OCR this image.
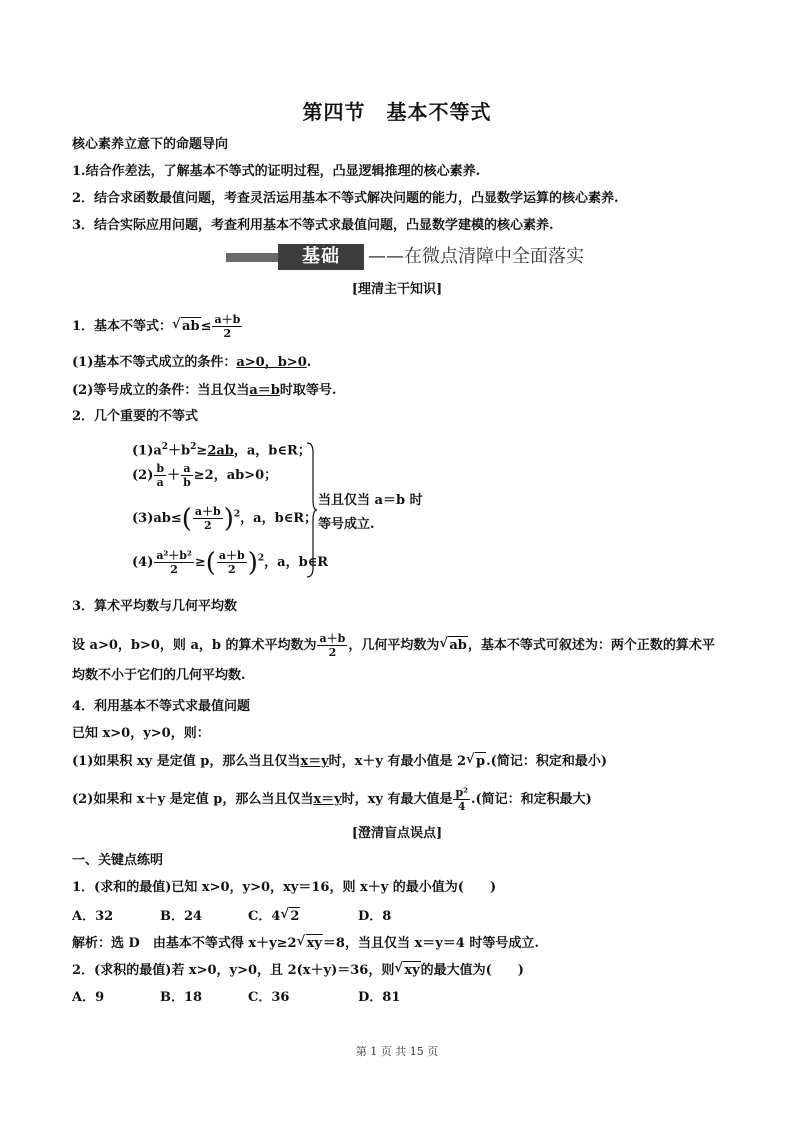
第四节　基本不等式
核心素养立意下的命题导向
1.结合作差法，了解基本不等式的证明过程，凸显逻辑推理的核心素养.
2．结合求函数最值问题，考查灵活运用基本不等式解决问题的能力，凸显数学运算的核心素养.
3．结合实际应用问题，考查利用基本不等式求最值问题，凸显数学建模的核心素养.
基础	——在微点清障中全面落实
[理清主干知识]
1．基本不等式： √ $ab\le \frac{a+b}{2}$
(1)基本不等式成立的条件：a>0，b>0.
(2)等号成立的条件：当且仅当a＝b时取等号.
2．几个重要的不等式
$(1)a^2+b^2\ge 2ab$，a，b∈R；
$(2) \frac{b}{a} + \frac{a}{b} \ge 2$，ab>0；
$(3)ab\le( \frac{a+b}{2} )^2$，a，b∈R；
$(4) \frac{\text{a²＋b²}}{2}$ ≥( $\frac{a+b}{2} )^2$，a，b∈R
当且仅当 a＝b 时
等号成立.
3．算术平均数与几何平均数
设 a>0，b>0，则 a，b 的算术平均数为 $\frac{a+b}{2}$ ，几何平均数为 √ ab，基本不等式可叙述为：两个正数的算术平
均数不小于它们的几何平均数.
4．利用基本不等式求最值问题
已知 x>0，y>0，则：
(1)如果积 xy 是定值 p，那么当且仅当x＝y时，x＋y 有最小值是 2 √ p.(简记：积定和最小)
(2)如果和 x＋y 是定值 p，那么当且仅当x＝y时，xy 有最大值是 $\frac{\text{p²}}{4}$ .(简记：和定积最大)
[澄清盲点误点]
一、关键点练明
1．(求和的最值)已知 x>0，y>0，xy＝16，则 x＋y 的最小值为(　　)
A．32	B．24	C．4 √ 2	D．8
解析：选 D　由基本不等式得 x＋y≥2 √ xy＝8，当且仅当 x＝y＝4 时等号成立.
2．(求积的最值)若 x>0，y>0，且 2(x＋y)＝36，则 √ xy的最大值为(　　)
A．9	B．18	C．36	D．81
第 1 页 共 15 页
